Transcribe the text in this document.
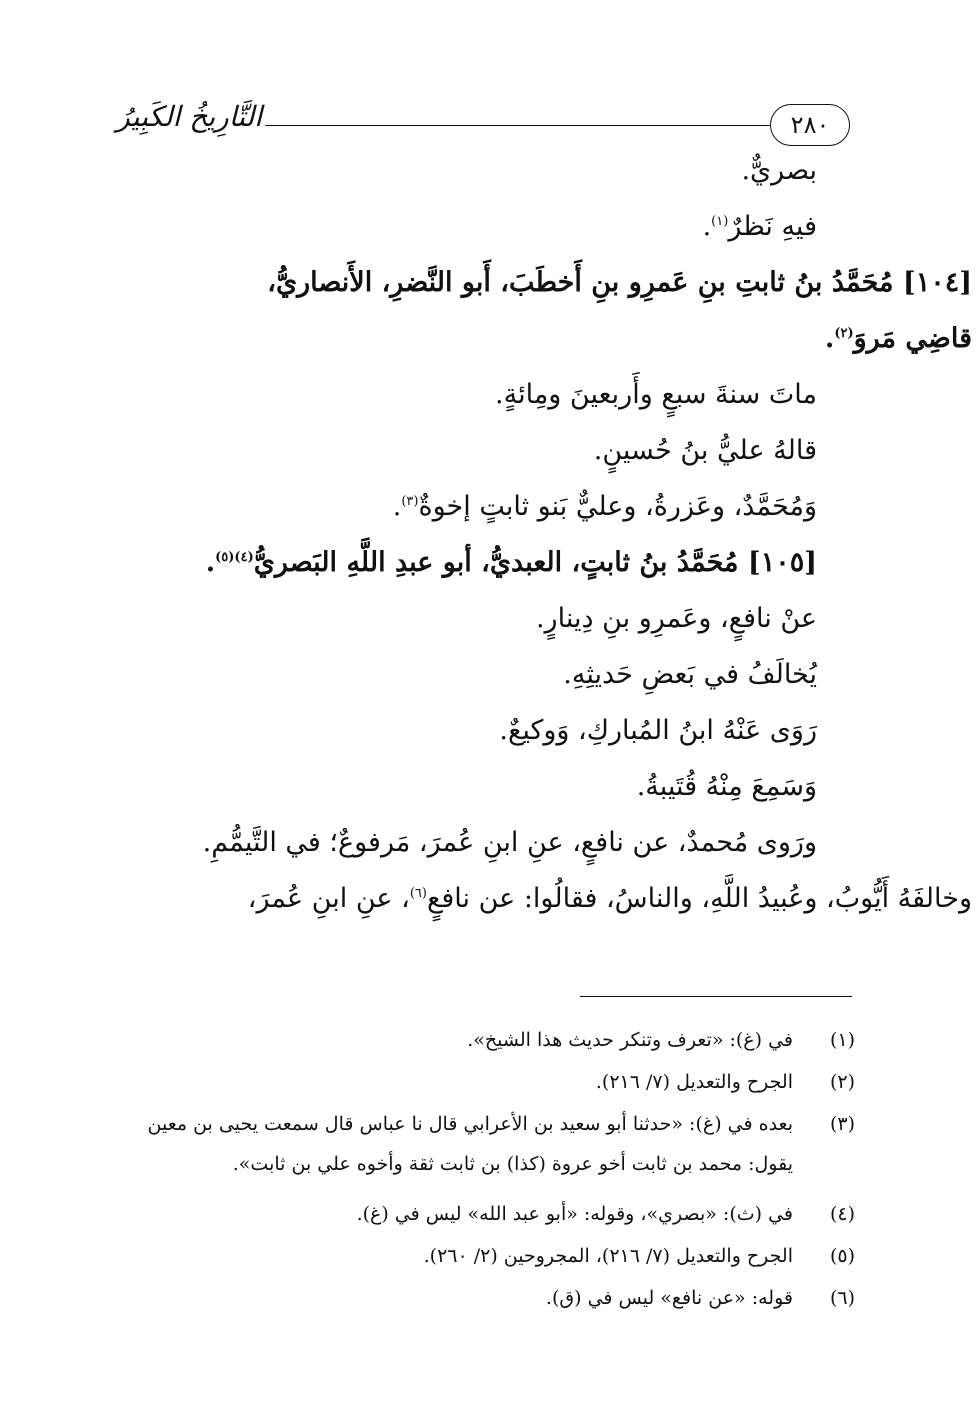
التَّارِيخُ الكَبِيرُ	٢٨٠
بصريٌّ.
فيهِ نَظرٌ$^{(١)}$.
[١٠٤] مُحَمَّدُ بنُ ثابتِ بنِ عَمرِو بنِ أَخطَبَ، أَبو النَّضرِ، الأَنصاريُّ،
قاضِي مَروَ$^{(٢)}$.
ماتَ سنةَ سبعٍ وأَربعينَ ومِائةٍ.
قالهُ عليُّ بنُ حُسينٍ.
وَمُحَمَّدٌ، وعَزرةُ، وعليٌّ بَنو ثابتٍ إخوةٌ$^{(٣)}$.
[١٠٥] مُحَمَّدُ بنُ ثابتٍ، العبديُّ، أبو عبدِ اللَّهِ البَصريُّ$^{(٤)(٥)}$.
عنْ نافعٍ، وعَمرِو بنِ دِينارٍ.
يُخالَفُ في بَعضِ حَديثِهِ.
رَوَى عَنْهُ ابنُ المُباركِ، وَوكيعٌ.
وَسَمِعَ مِنْهُ قُتَيبةُ.
ورَوى مُحمدٌ، عن نافعٍ، عنِ ابنِ عُمرَ، مَرفوعٌ؛ في التَّيمُّمِ.
وخالفَهُ أَيُّوبُ، وعُبيدُ اللَّهِ، والناسُ، فقالُوا: عن نافعٍ$^{(٦)}$، عنِ ابنِ عُمرَ،
(١)
في (غ): «تعرف وتنكر حديث هذا الشيخ».
(٢)
الجرح والتعديل (٧/ ٢١٦).
(٣)
بعده في (غ): «حدثنا أبو سعيد بن الأعرابي قال نا عباس قال سمعت يحيى بن معين يقول: محمد بن ثابت أخو عروة (كذا) بن ثابت ثقة وأخوه علي بن ثابت».
(٤)
في (ث): «بصري»، وقوله: «أبو عبد الله» ليس في (غ).
(٥)
الجرح والتعديل (٧/ ٢١٦)، المجروحين (٢/ ٢٦٠).
(٦)
قوله: «عن نافع» ليس في (ق).
